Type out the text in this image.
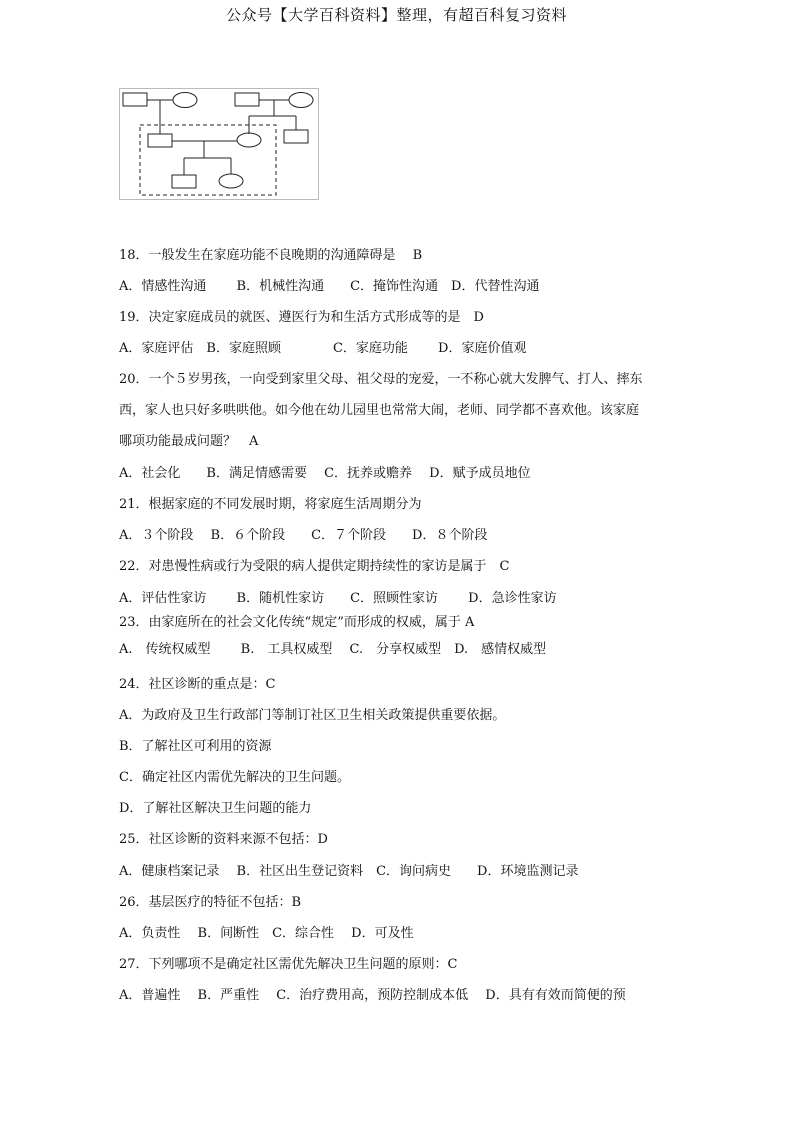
公众号【大学百科资料】整理，有超百科复习资料
18．一般发生在家庭功能不良晚期的沟通障碍是　 B
A．情感性沟通　　 B．机械性沟通　　C．掩饰性沟通　D．代替性沟通
19．决定家庭成员的就医、遵医行为和生活方式形成等的是　D
A．家庭评估　B．家庭照顾　　　　C．家庭功能　　 D．家庭价值观
20．一个５岁男孩，一向受到家里父母、祖父母的宠爱，一不称心就大发脾气、打人、摔东
西，家人也只好多哄哄他。如今他在幼儿园里也常常大闹，老师、同学都不喜欢他。该家庭
哪项功能最成问题？　A
A．社会化　　B．满足情感需要　 C．抚养或赡养　 D．赋予成员地位
21．根据家庭的不同发展时期，将家庭生活周期分为
A．３个阶段　 B．６个阶段　　C．７个阶段　　D．８个阶段
22．对患慢性病或行为受限的病人提供定期持续性的家访是属于　C
A．评估性家访　　 B．随机性家访　　C．照顾性家访　　 D．急诊性家访
23．由家庭所在的社会文化传统“规定”而形成的权威，属于 A
A.　传统权威型　　 B.　工具权威型　 C.　分享权威型　D.　感情权威型
24．社区诊断的重点是：C
A．为政府及卫生行政部门等制订社区卫生相关政策提供重要依据。
B．了解社区可利用的资源
C．确定社区内需优先解决的卫生问题。
D．了解社区解决卫生问题的能力
25．社区诊断的资料来源不包括：D
A．健康档案记录　 B．社区出生登记资料　C．询问病史　　D．环境监测记录
26．基层医疗的特征不包括：B
A．负责性　 B．间断性　C．综合性　 D．可及性
27．下列哪项不是确定社区需优先解决卫生问题的原则：C
A．普遍性　 B．严重性　 C．治疗费用高，预防控制成本低　 D．具有有效而简便的预
